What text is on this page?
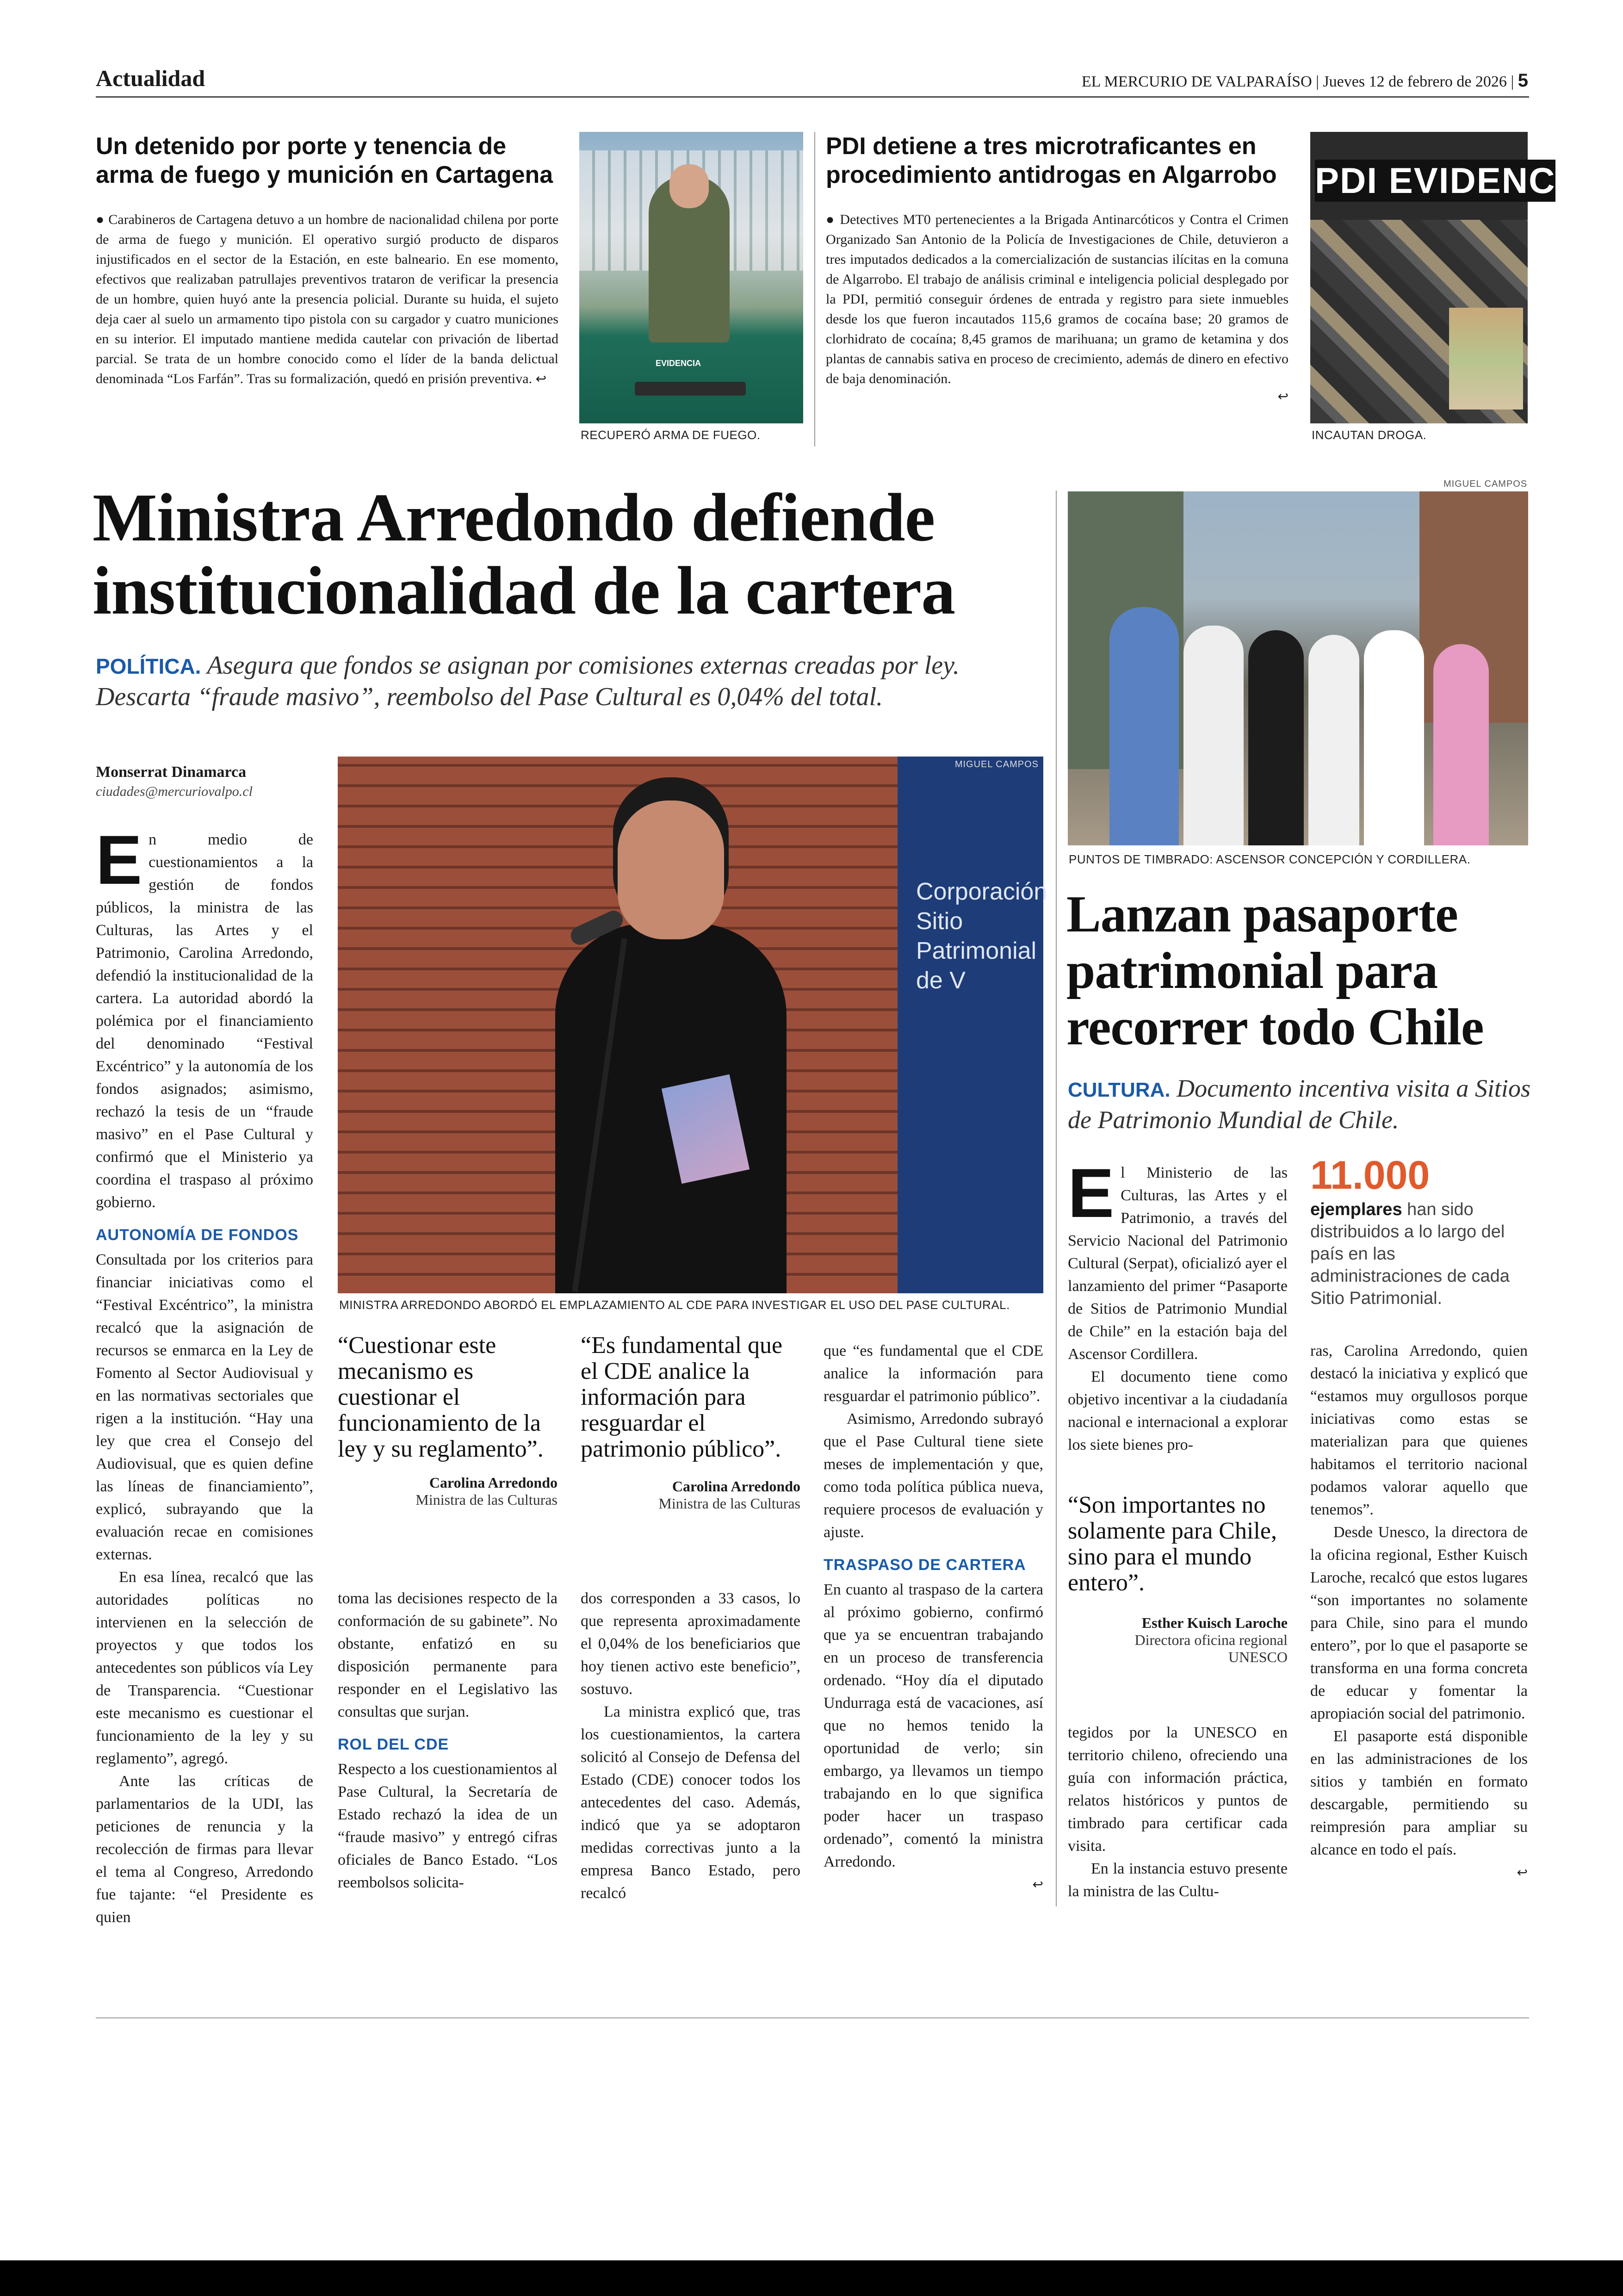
Actualidad	EL MERCURIO DE VALPARAÍSO | Jueves 12 de febrero de 2026 | 5
Un detenido por porte y tenencia de arma de fuego y munición en Cartagena
● Carabineros de Cartagena detuvo a un hombre de nacionalidad chilena por porte de arma de fuego y munición. El operativo surgió producto de disparos injustificados en el sector de la Estación, en este balneario. En ese momento, efectivos que realizaban patrullajes preventivos trataron de verificar la presencia de un hombre, quien huyó ante la presencia policial. Durante su huida, el sujeto deja caer al suelo un armamento tipo pistola con su cargador y cuatro municiones en su interior. El imputado mantiene medida cautelar con privación de libertad parcial. Se trata de un hombre conocido como el líder de la banda delictual denominada “Los Farfán”. Tras su formalización, quedó en prisión preventiva. ↩
EVIDENCIA
RECUPERÓ ARMA DE FUEGO.
PDI detiene a tres microtraficantes en procedimiento antidrogas en Algarrobo
● Detectives MT0 pertenecientes a la Brigada Antinarcóticos y Contra el Crimen Organizado San Antonio de la Policía de Investigaciones de Chile, detuvieron a tres imputados dedicados a la comercialización de sustancias ilícitas en la comuna de Algarrobo. El trabajo de análisis criminal e inteligencia policial desplegado por la PDI, permitió conseguir órdenes de entrada y registro para siete inmuebles desde los que fueron incautados 115,6 gramos de cocaína base; 20 gramos de clorhidrato de cocaína; 8,45 gramos de marihuana; un gramo de ketamina y dos plantas de cannabis sativa en proceso de crecimiento, además de dinero en efectivo de baja denominación.
↩
PDI EVIDENC
INCAUTAN DROGA.
Ministra Arredondo defiende institucionalidad de la cartera
POLÍTICA. Asegura que fondos se asignan por comisiones externas creadas por ley. Descarta “fraude masivo”, reembolso del Pase Cultural es 0,04% del total.
Monserrat Dinamarca
ciudades@mercuriovalpo.cl
E n medio de cuestionamientos a la gestión de fondos públicos, la ministra de las Culturas, las Artes y el Patrimonio, Carolina Arredondo, defendió la institucionalidad de la cartera. La autoridad abordó la polémica por el financiamiento del denominado “Festival Excéntrico” y la autonomía de los fondos asignados; asimismo, rechazó la tesis de un “fraude masivo” en el Pase Cultural y confirmó que el Ministerio ya coordina el traspaso al próximo gobierno.

AUTONOMÍA DE FONDOS

Consultada por los criterios para financiar iniciativas como el “Festival Excéntrico”, la ministra recalcó que la asignación de recursos se enmarca en la Ley de Fomento al Sector Audiovisual y en las normativas sectoriales que rigen a la institución. “Hay una ley que crea el Consejo del Audiovisual, que es quien define las líneas de financiamiento”, explicó, subrayando que la evaluación recae en comisiones externas.

En esa línea, recalcó que las autoridades políticas no intervienen en la selección de proyectos y que todos los antecedentes son públicos vía Ley de Transparencia. “Cuestionar este mecanismo es cuestionar el funcionamiento de la ley y su reglamento”, agregó.

Ante las críticas de parlamentarios de la UDI, las peticiones de renuncia y la recolección de firmas para llevar el tema al Congreso, Arredondo fue tajante: “el Presidente es quien

Corporación Sitio Patrimonial de V
MIGUEL CAMPOS
MINISTRA ARREDONDO ABORDÓ EL EMPLAZAMIENTO AL CDE PARA INVESTIGAR EL USO DEL PASE CULTURAL.
“Cuestionar este mecanismo es cuestionar el funcionamiento de la ley y su reglamento”.
Carolina Arredondo
Ministra de las Culturas
“Es fundamental que el CDE analice la información para resguardar el patrimonio público”.
Carolina Arredondo
Ministra de las Culturas

toma las decisiones respecto de la conformación de su gabinete”. No obstante, enfatizó en su disposición permanente para responder en el Legislativo las consultas que surjan.

ROL DEL CDE

Respecto a los cuestionamientos al Pase Cultural, la Secretaría de Estado rechazó la idea de un “fraude masivo” y entregó cifras oficiales de Banco Estado. “Los reembolsos solicita-

dos corresponden a 33 casos, lo que representa aproximadamente el 0,04% de los beneficiarios que hoy tienen activo este beneficio”, sostuvo.

La ministra explicó que, tras los cuestionamientos, la cartera solicitó al Consejo de Defensa del Estado (CDE) conocer todos los antecedentes del caso. Además, indicó que ya se adoptaron medidas correctivas junto a la empresa Banco Estado, pero recalcó

que “es fundamental que el CDE analice la información para resguardar el patrimonio público”.

Asimismo, Arredondo subrayó que el Pase Cultural tiene siete meses de implementación y que, como toda política pública nueva, requiere procesos de evaluación y ajuste.

TRASPASO DE CARTERA

En cuanto al traspaso de la cartera al próximo gobierno, confirmó que ya se encuentran trabajando en un proceso de transferencia ordenado. “Hoy día el diputado Undurraga está de vacaciones, así que no hemos tenido la oportunidad de verlo; sin embargo, ya llevamos un tiempo trabajando en lo que significa poder hacer un traspaso ordenado”, comentó la ministra Arredondo.

↩
MIGUEL CAMPOS
PUNTOS DE TIMBRADO: ASCENSOR CONCEPCIÓN Y CORDILLERA.
Lanzan pasaporte patrimonial para recorrer todo Chile
CULTURA. Documento incentiva visita a Sitios de Patrimonio Mundial de Chile.
E l Ministerio de las Culturas, las Artes y el Patrimonio, a través del Servicio Nacional del Patrimonio Cultural (Serpat), oficializó ayer el lanzamiento del primer “Pasaporte de Sitios de Patrimonio Mundial de Chile” en la estación baja del Ascensor Cordillera.

El documento tiene como objetivo incentivar a la ciudadanía nacional e internacional a explorar los siete bienes pro-

“Son importantes no solamente para Chile, sino para el mundo entero”.
Esther Kuisch Laroche
Directora oficina regional
UNESCO

tegidos por la UNESCO en territorio chileno, ofreciendo una guía con información práctica, relatos históricos y puntos de timbrado para certificar cada visita.

En la instancia estuvo presente la ministra de las Cultu-

11.000
ejemplares han sido distribuidos a lo largo del país en las administraciones de cada Sitio Patrimonial.

ras, Carolina Arredondo, quien destacó la iniciativa y explicó que “estamos muy orgullosos porque iniciativas como estas se materializan para que quienes habitamos el territorio nacional podamos valorar aquello que tenemos”.

Desde Unesco, la directora de la oficina regional, Esther Kuisch Laroche, recalcó que estos lugares “son importantes no solamente para Chile, sino para el mundo entero”, por lo que el pasaporte se transforma en una forma concreta de educar y fomentar la apropiación social del patrimonio.

El pasaporte está disponible en las administraciones de los sitios y también en formato descargable, permitiendo su reimpresión para ampliar su alcance en todo el país.

↩
